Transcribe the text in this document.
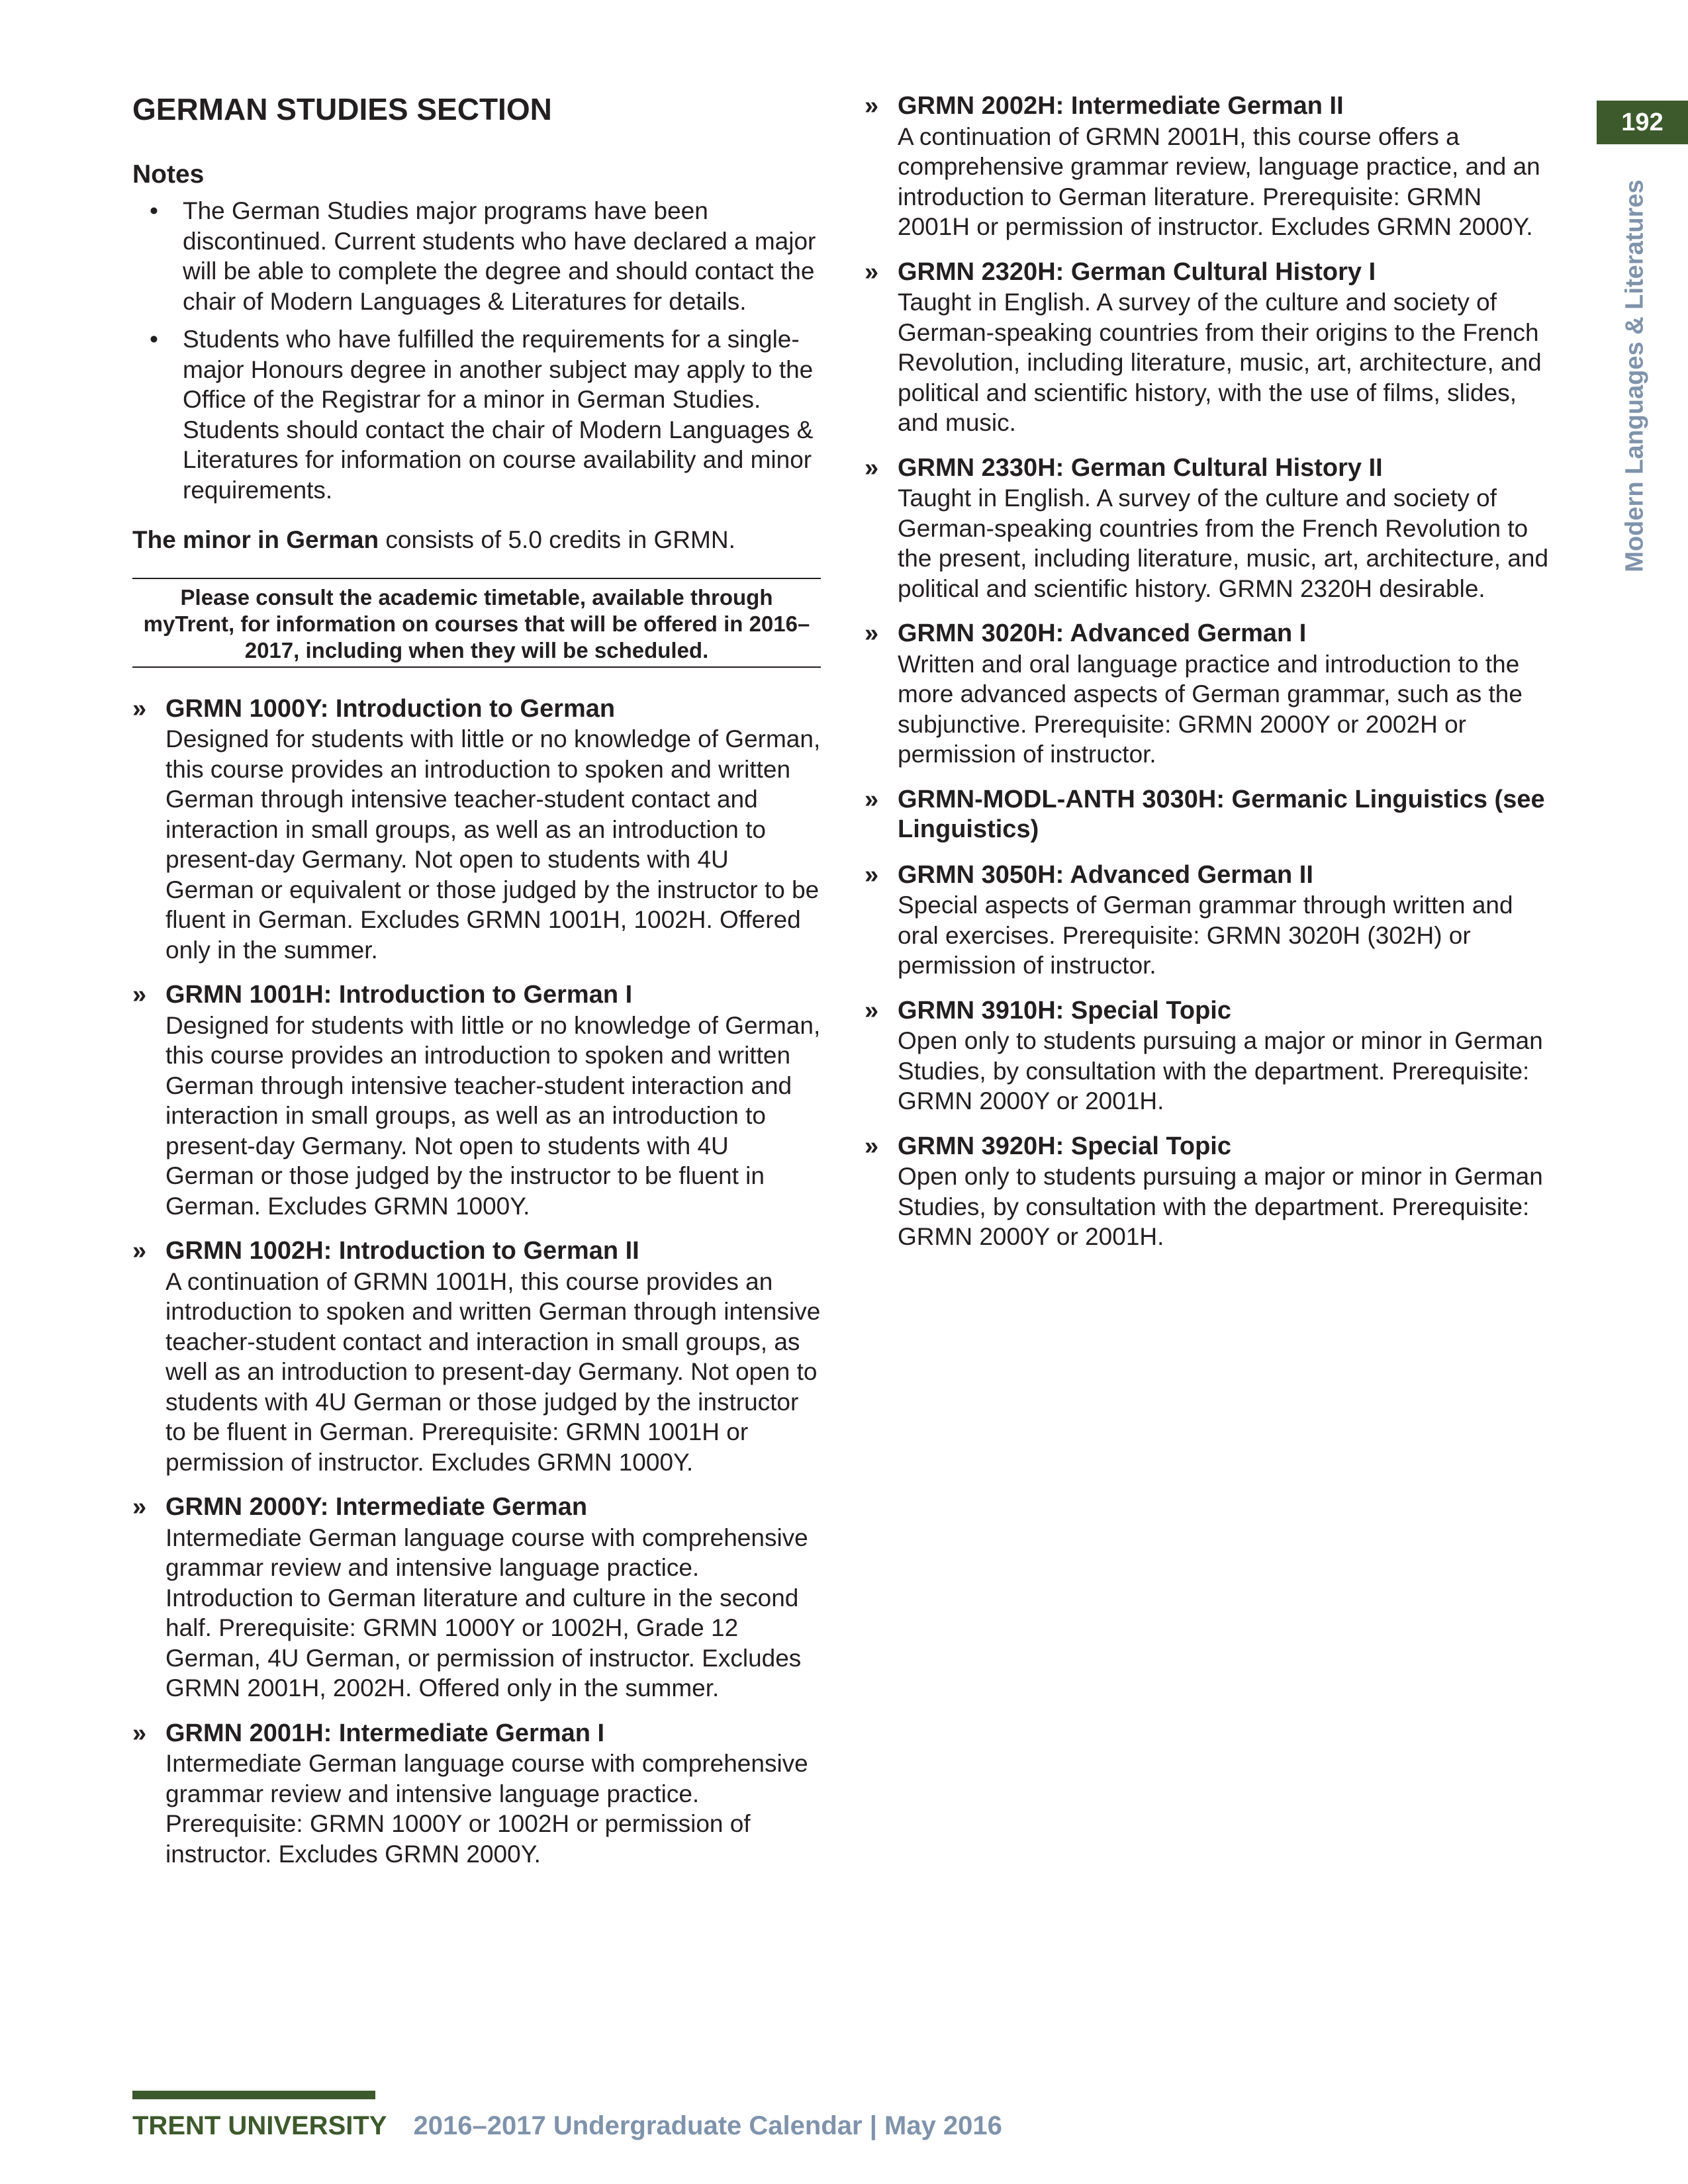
192
Modern Languages & Literatures
GERMAN STUDIES SECTION
Notes
• The German Studies major programs have been discontinued. Current students who have declared a major will be able to complete the degree and should contact the chair of Modern Languages & Literatures for details.
• Students who have fulfilled the requirements for a single-major Honours degree in another subject may apply to the Office of the Registrar for a minor in German Studies. Students should contact the chair of Modern Languages & Literatures for information on course availability and minor requirements.
The minor in German consists of 5.0 credits in GRMN.
Please consult the academic timetable, available through myTrent, for information on courses that will be offered in 2016–2017, including when they will be scheduled.
» GRMN 1000Y: Introduction to German
Designed for students with little or no knowledge of German, this course provides an introduction to spoken and written German through intensive teacher-student contact and interaction in small groups, as well as an introduction to present-day Germany. Not open to students with 4U German or equivalent or those judged by the instructor to be fluent in German. Excludes GRMN 1001H, 1002H. Offered only in the summer.
» GRMN 1001H: Introduction to German I
Designed for students with little or no knowledge of German, this course provides an introduction to spoken and written German through intensive teacher-student interaction and interaction in small groups, as well as an introduction to present-day Germany. Not open to students with 4U German or those judged by the instructor to be fluent in German. Excludes GRMN 1000Y.
» GRMN 1002H: Introduction to German II
A continuation of GRMN 1001H, this course provides an introduction to spoken and written German through intensive teacher-student contact and interaction in small groups, as well as an introduction to present-day Germany. Not open to students with 4U German or those judged by the instructor to be fluent in German. Prerequisite: GRMN 1001H or permission of instructor. Excludes GRMN 1000Y.
» GRMN 2000Y: Intermediate German
Intermediate German language course with comprehensive grammar review and intensive language practice. Introduction to German literature and culture in the second half. Prerequisite: GRMN 1000Y or 1002H, Grade 12 German, 4U German, or permission of instructor. Excludes GRMN 2001H, 2002H. Offered only in the summer.
» GRMN 2001H: Intermediate German I
Intermediate German language course with comprehensive grammar review and intensive language practice. Prerequisite: GRMN 1000Y or 1002H or permission of instructor. Excludes GRMN 2000Y.
» GRMN 2002H: Intermediate German II
A continuation of GRMN 2001H, this course offers a comprehensive grammar review, language practice, and an introduction to German literature. Prerequisite: GRMN 2001H or permission of instructor. Excludes GRMN 2000Y.
» GRMN 2320H: German Cultural History I
Taught in English. A survey of the culture and society of German-speaking countries from their origins to the French Revolution, including literature, music, art, architecture, and political and scientific history, with the use of films, slides, and music.
» GRMN 2330H: German Cultural History II
Taught in English. A survey of the culture and society of German-speaking countries from the French Revolution to the present, including literature, music, art, architecture, and political and scientific history. GRMN 2320H desirable.
» GRMN 3020H: Advanced German I
Written and oral language practice and introduction to the more advanced aspects of German grammar, such as the subjunctive. Prerequisite: GRMN 2000Y or 2002H or permission of instructor.
» GRMN-MODL-ANTH 3030H: Germanic Linguistics (see Linguistics)
» GRMN 3050H: Advanced German II
Special aspects of German grammar through written and oral exercises. Prerequisite: GRMN 3020H (302H) or permission of instructor.
» GRMN 3910H: Special Topic
Open only to students pursuing a major or minor in German Studies, by consultation with the department. Prerequisite: GRMN 2000Y or 2001H.
» GRMN 3920H: Special Topic
Open only to students pursuing a major or minor in German Studies, by consultation with the department. Prerequisite: GRMN 2000Y or 2001H.
TRENT UNIVERSITY 2016–2017 Undergraduate Calendar | May 2016
